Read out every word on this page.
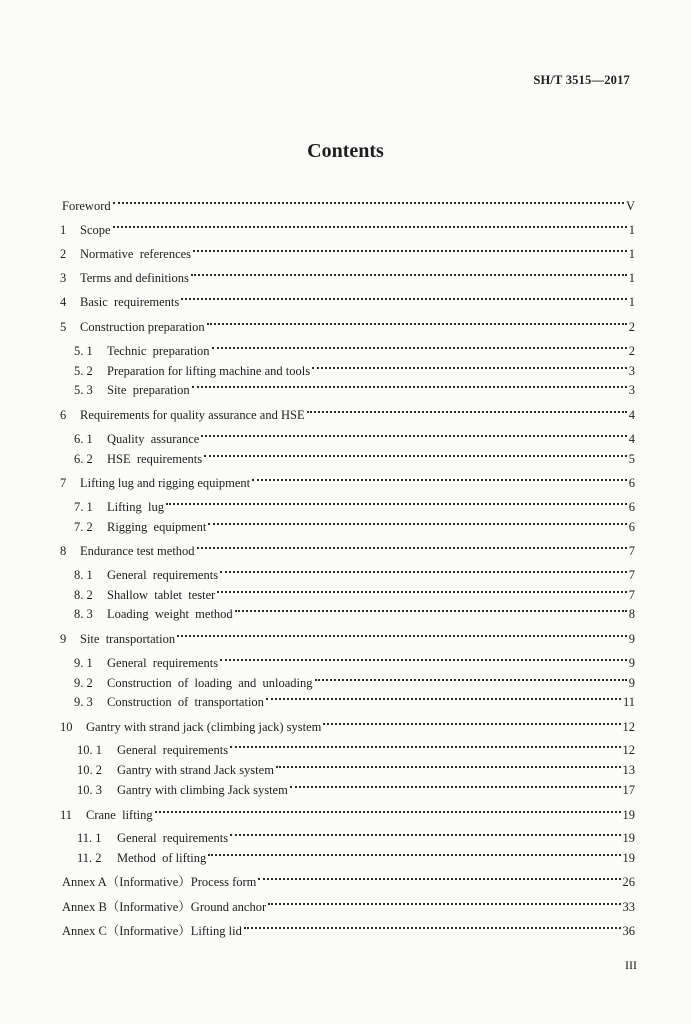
SH/T 3515—2017
Contents
Foreword	V
1	Scope	1
2	Normative  references	1
3	Terms and definitions	1
4	Basic  requirements	1
5	Construction preparation	2
5. 1	Technic  preparation	2
5. 2	Preparation for lifting machine and tools	3
5. 3	Site  preparation	3
6	Requirements for quality assurance and HSE	4
6. 1	Quality  assurance	4
6. 2	HSE  requirements	5
7	Lifting lug and rigging equipment	6
7. 1	Lifting  lug	6
7. 2	Rigging  equipment	6
8	Endurance test method	7
8. 1	General  requirements	7
8. 2	Shallow  tablet  tester	7
8. 3	Loading  weight  method	8
9	Site  transportation	9
9. 1	General  requirements	9
9. 2	Construction  of  loading  and  unloading	9
9. 3	Construction  of  transportation	11
10	Gantry with strand jack (climbing jack) system	12
10. 1	General  requirements	12
10. 2	Gantry with strand Jack system	13
10. 3	Gantry with climbing Jack system	17
11	Crane  lifting	19
11. 1	General  requirements	19
11. 2	Method  of lifting	19
Annex A（Informative）Process form	26
Annex B（Informative）Ground anchor	33
Annex C（Informative）Lifting lid	36
III
